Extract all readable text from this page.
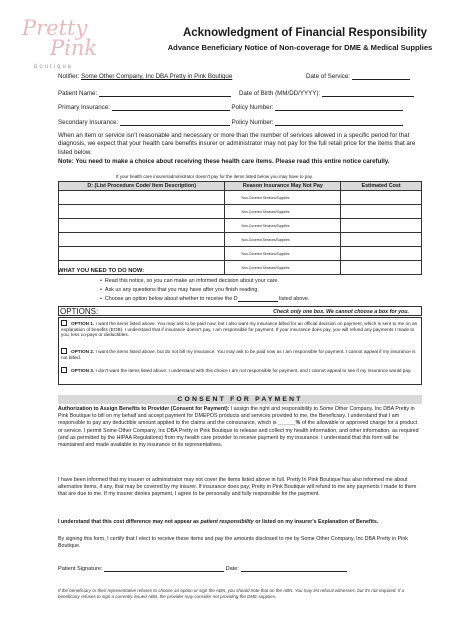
Pretty
Pink
boutique
Acknowledgment of Financial Responsibility
Advance Beneficiary Notice of Non-coverage for DME & Medical Supplies
Notifier: Some Other Company, Inc DBA Pretty in Pink Boutique	Date of Service:
Patient Name:	Date of Birth (MM/DD/YYYY):
Primary Insurance:	Policy Number:
Secondary Insurance:	Policy Number:
When an item or service isn't reasonable and necessary or more than the number of services allowed in a specific period for that diagnosis, we expect that your health care benefits insurer or administrator may not pay for the full retail price for the items that are listed below.
Note: You need to make a choice about receiving these health care items. Please read this entire notice carefully.
If your health care insurer/administrator doesn't pay for the items listed below you may have to pay.
D: (List Procedure Code/ Item Description)	Reason Insurance May Not Pay	Estimated Cost
	Non-Covered Services/Supplies	
	Non-Covered Services/Supplies	
	Non-Covered Services/Supplies	
	Non-Covered Services/Supplies	
	Non-Covered Services/Supplies	
	Non-Covered Services/Supplies	
WHAT YOU NEED TO DO NOW:
•  Read this notice, so you can make an informed decision about your care.
•  Ask us any questions that you may have after you finish reading.
•  Choose an option below about whether to receive the D	listed above.
OPTIONS:	Check only one box. We cannot choose a box for you.
OPTION 1. I want the items listed above. You may ask to be paid now, but I also want my insurance billed for an official decision on payment, which is sent to me on an explanation of benefits (EOB). I understand that if insurance doesn't pay, I am responsible for payment. If your insurance does pay, you will refund any payments I made to you, less co-pays or deductibles.
OPTION 2. I want the items listed above, but do not bill my insurance. You may ask to be paid now as I am responsible for payment. I cannot appeal if my insurance is not billed.
OPTION 3. I don't want the items listed above. I understand with this choice I am not responsible for payment, and I cannot appeal to see if my insurance would pay.
CONSENT FOR PAYMENT
Authorization to Assign Benefits to Provider (Consent for Payment): I assign the right and responsibility to Some Other Company, Inc DBA Pretty in Pink Boutique to bill on my behalf and accept payment for DMEPOS products and services provided to me, the Beneficiary. I understand that I am responsible to pay any deductible amount applied to the claims and the coinsurance, which is ______% of the allowable or approved charge for a product or service. I permit Some Other Company, Inc DBA Pretty in Pink Boutique to release and collect my health information, and other information, as required (and as permitted by the HIPAA Regulations) from my health care provider to receive payment by my insurance. I understand that this form will be maintained and made available to my insurance or its representatives.
I have been informed that my insurer or administrator may not cover the items listed above in full. Pretty In Pink Boutique has also informed me about alternative items, if any, that may be covered by my insurer. If insurance does pay, Pretty in Pink Boutique will refund to me any payments I made to them that are due to me. If my insurer denies payment, I agree to be personally and fully responsible for the payment.
I understand that this cost difference may not appear as patient responsibility or listed on my insurer's Explanation of Benefits.
By signing this form, I certify that I elect to receive these items and pay the amounts disclosed to me by Some Other Company, Inc DBA Pretty in Pink Boutique.
Patient Signature:	Date:
If the beneficiary or their representative refuses to choose an option or sign the ABN, you should note that on the ABN. You may list refusal witnesses, but it's not required. If a beneficiary refuses to sign a currently issued ABN, the provider may consider not providing the DME supplies.
